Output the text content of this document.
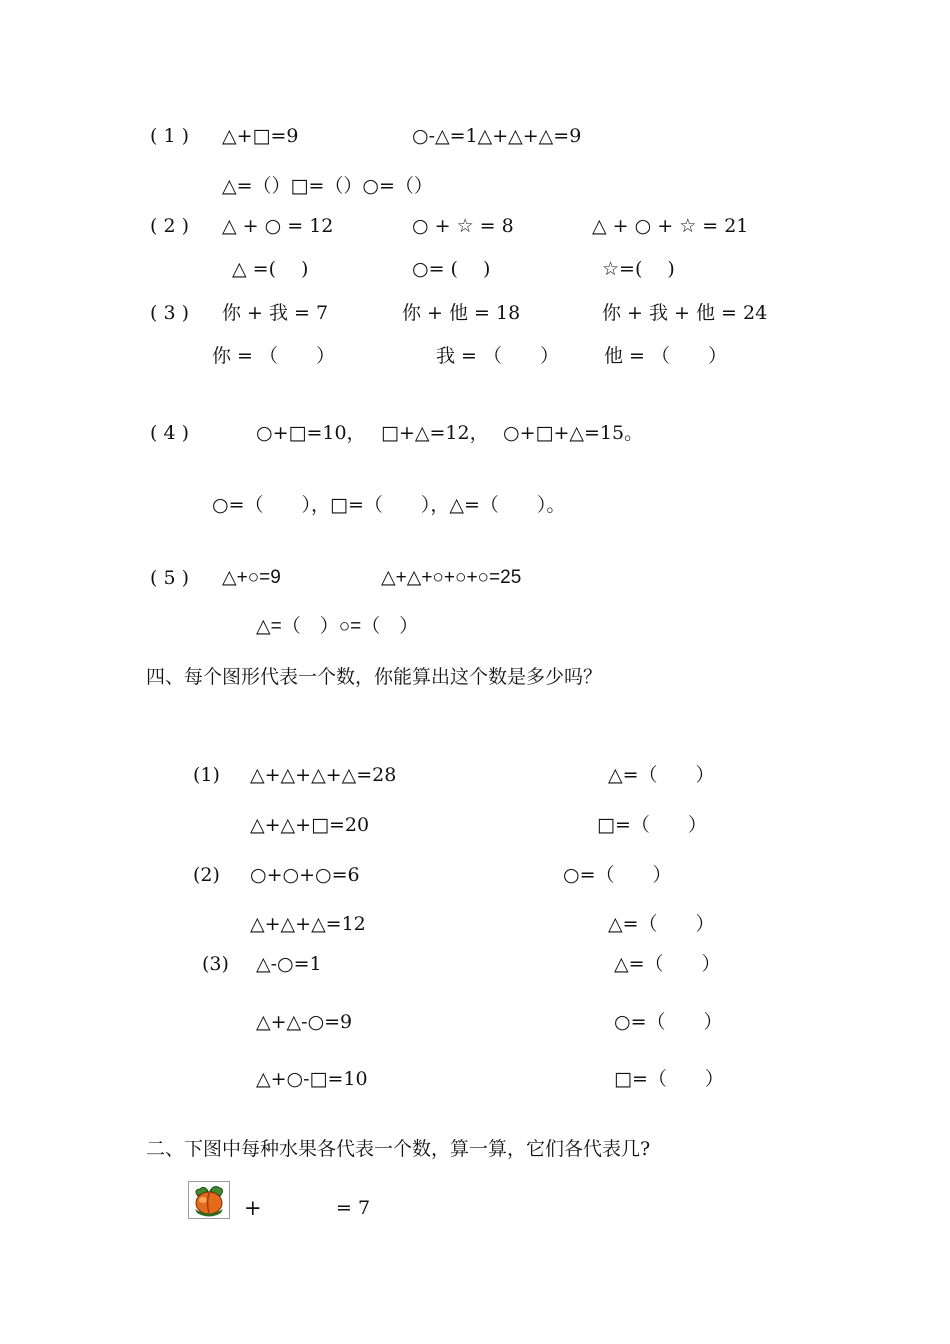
( 1 ) △+□=9	○-△=1△+△+△=9
△=（）□=（）○=（）
( 2 ) △ + ○ = 12	○ + ☆ = 8	△ + ○ + ☆ = 21
△ =(　 )	○= (　 )	☆=(　 )
( 3 ) 你 + 我 = 7	你 + 他 = 18	你 + 我 + 他 = 24
你 = （　　）	我 = （　　） 他 = （　　）
( 4 )	○+□=10， □+△=12， ○+□+△=15。
○=（　　），□=（　　），△=（　　）。
( 5 ) △+○=9	△+△+○+○+○=25
△=（　）○=（　）
四、每个图形代表一个数，你能算出这个数是多少吗？
(1) △+△+△+△=28	△=（　　）
△+△+□=20	□=（　　）
(2) ○+○+○=6	○=（　　）
△+△+△=12	△=（　　）
(3) △-○=1	△=（　　）
△+△-○=9	○=（　　）
△+○-□=10	□=（　　）
二、下图中每种水果各代表一个数，算一算，它们各代表几?
+	= 7
